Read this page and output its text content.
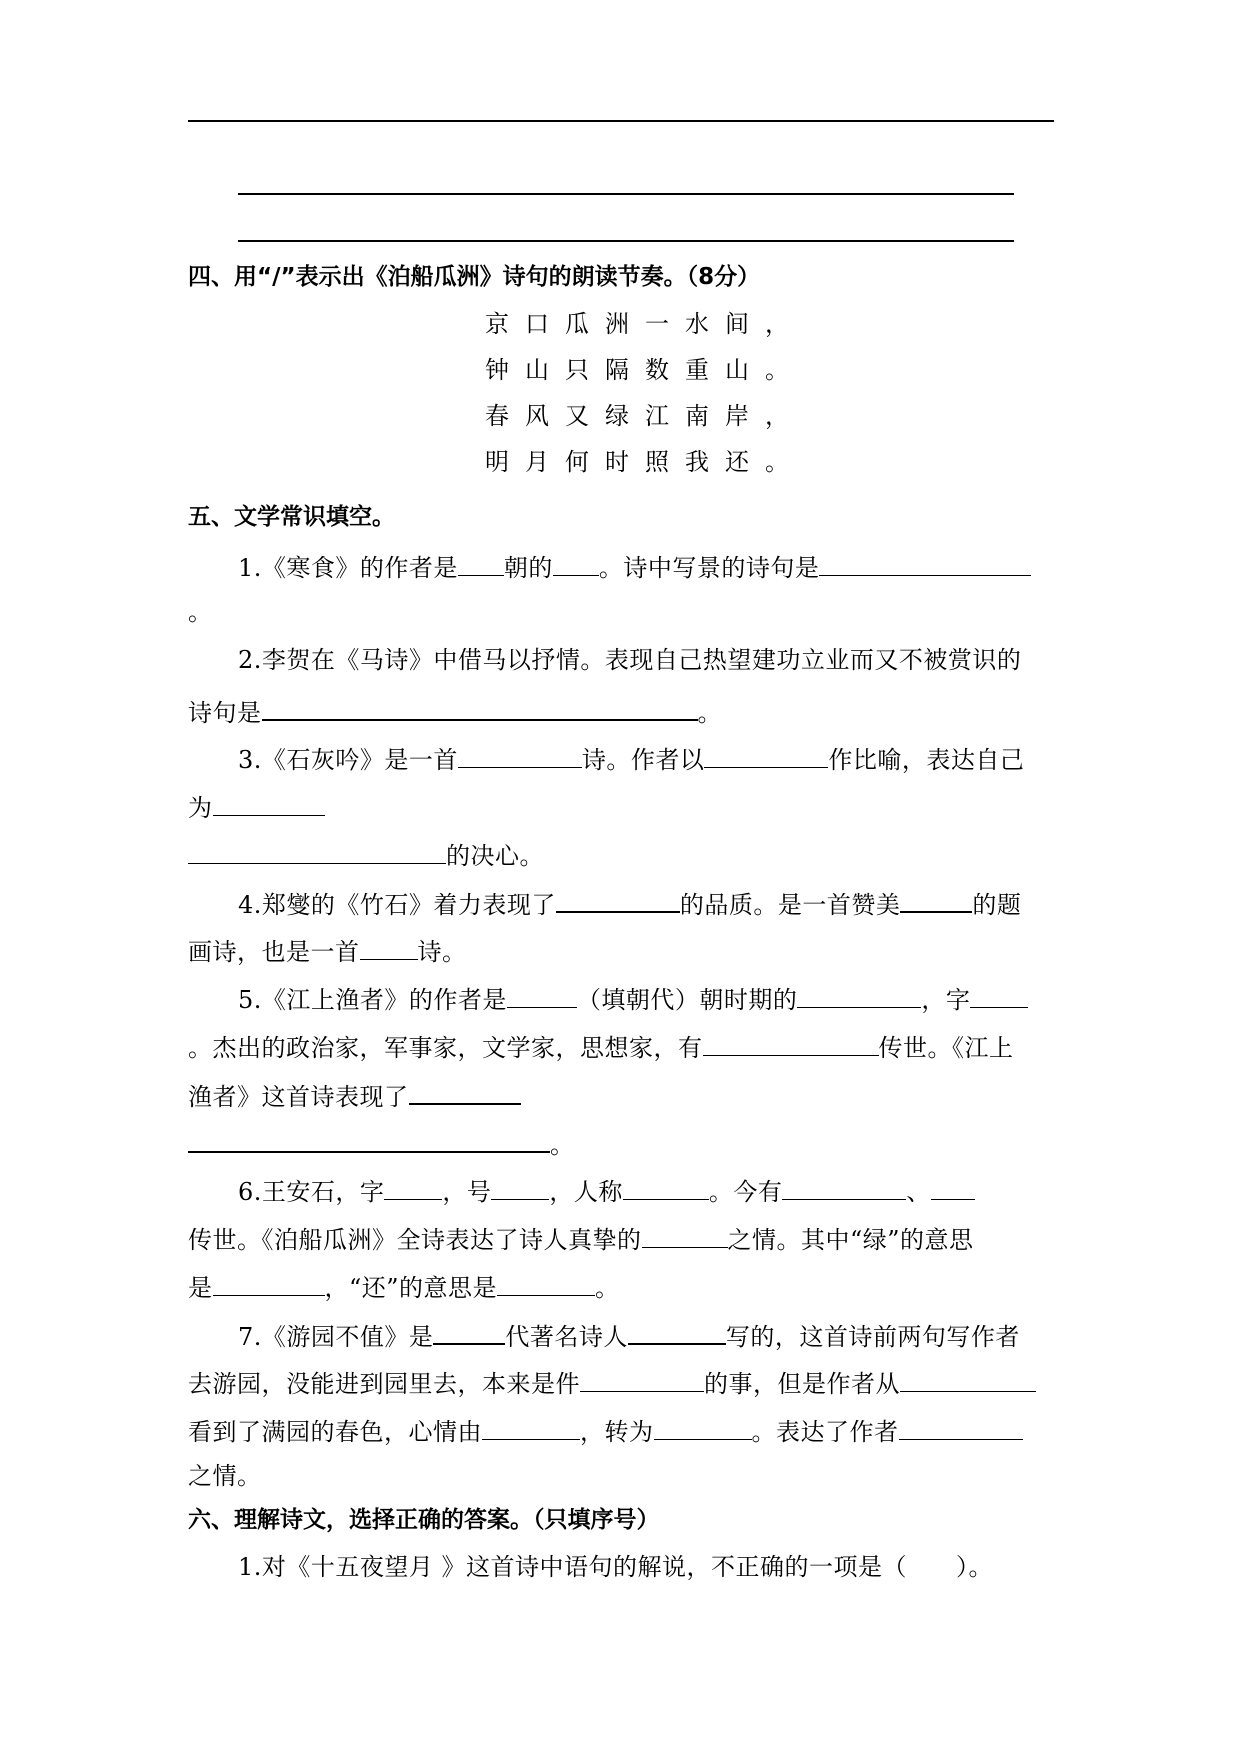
四、用“/”表示出《泊船瓜洲》诗句的朗读节奏。（8分）
京口瓜洲一水间，
钟山只隔数重山。
春风又绿江南岸，
明月何时照我还。
五、文学常识填空。
1.《寒食》的作者是 朝的 。诗中写景的诗句是
。
2.李贺在《马诗》中借马以抒情。表现自己热望建功立业而又不被赏识的
诗句是	。
3.《石灰吟》是一首	诗。作者以	作比喻，表达自己
为
的决心。
4.郑燮的《竹石》着力表现了	的品质。是一首赞美	的题
画诗，也是一首 诗。
5.《江上渔者》的作者是	（填朝代）朝时期的	，字
。杰出的政治家，军事家，文学家，思想家，有	传世。《江上
渔者》这首诗表现了
。
6.王安石，字 ，号 ，人称	。今有	、
传世。《泊船瓜洲》全诗表达了诗人真挚的	之情。其中“绿”的意思
是	，“还”的意思是	。
7.《游园不值》是	代著名诗人	写的，这首诗前两句写作者
去游园，没能进到园里去，本来是件	的事，但是作者从
看到了满园的春色，心情由	，转为	。表达了作者
之情。
六、理解诗文，选择正确的答案。（只填序号）
1.对《十五夜望月 》这首诗中语句的解说，不正确的一项是（　　）。
